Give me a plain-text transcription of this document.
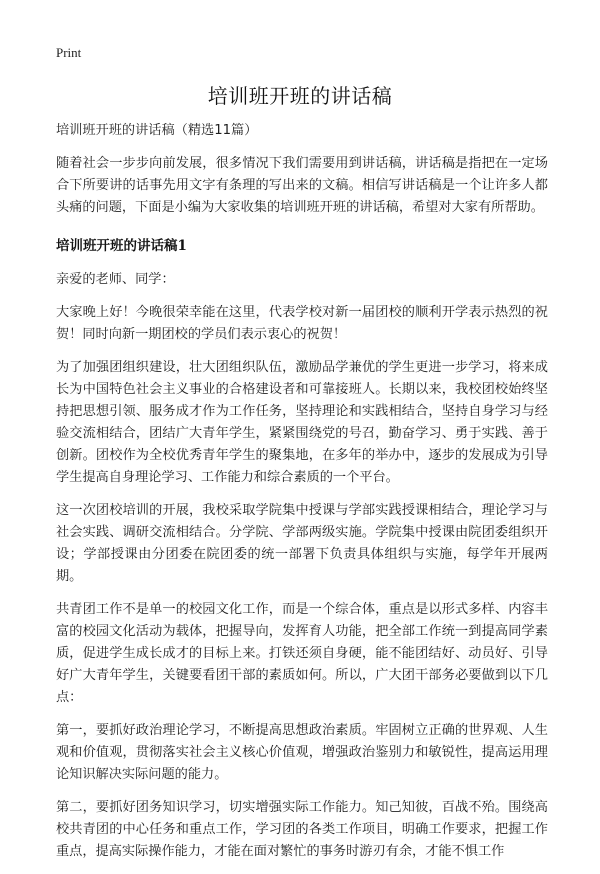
Print
培训班开班的讲话稿

培训班开班的讲话稿（精选11篇）

随着社会一步步向前发展，很多情况下我们需要用到讲话稿，讲话稿是指把在一定场合下所要讲的话事先用文字有条理的写出来的文稿。相信写讲话稿是一个让许多人都头痛的问题，下面是小编为大家收集的培训班开班的讲话稿，希望对大家有所帮助。

培训班开班的讲话稿1

亲爱的老师、同学：

大家晚上好！今晚很荣幸能在这里，代表学校对新一届团校的顺利开学表示热烈的祝贺！同时向新一期团校的学员们表示衷心的祝贺！

为了加强团组织建设，壮大团组织队伍，激励品学兼优的学生更进一步学习，将来成长为中国特色社会主义事业的合格建设者和可靠接班人。长期以来，我校团校始终坚持把思想引领、服务成才作为工作任务，坚持理论和实践相结合，坚持自身学习与经验交流相结合，团结广大青年学生，紧紧围绕党的号召，勤奋学习、勇于实践、善于创新。团校作为全校优秀青年学生的聚集地，在多年的举办中，逐步的发展成为引导学生提高自身理论学习、工作能力和综合素质的一个平台。

这一次团校培训的开展，我校采取学院集中授课与学部实践授课相结合，理论学习与社会实践、调研交流相结合。分学院、学部两级实施。学院集中授课由院团委组织开设；学部授课由分团委在院团委的统一部署下负责具体组织与实施，每学年开展两期。

共青团工作不是单一的校园文化工作，而是一个综合体，重点是以形式多样、内容丰富的校园文化活动为载体，把握导向，发挥育人功能，把全部工作统一到提高同学素质，促进学生成长成才的目标上来。打铁还须自身硬，能不能团结好、动员好、引导好广大青年学生，关键要看团干部的素质如何。所以，广大团干部务必要做到以下几点：

第一，要抓好政治理论学习，不断提高思想政治素质。牢固树立正确的世界观、人生观和价值观，贯彻落实社会主义核心价值观，增强政治鉴别力和敏锐性，提高运用理论知识解决实际问题的能力。

第二，要抓好团务知识学习，切实增强实际工作能力。知己知彼，百战不殆。围绕高校共青团的中心任务和重点工作，学习团的各类工作项目，明确工作要求，把握工作重点，提高实际操作能力，才能在面对繁忙的事务时游刃有余，才能不惧工作
